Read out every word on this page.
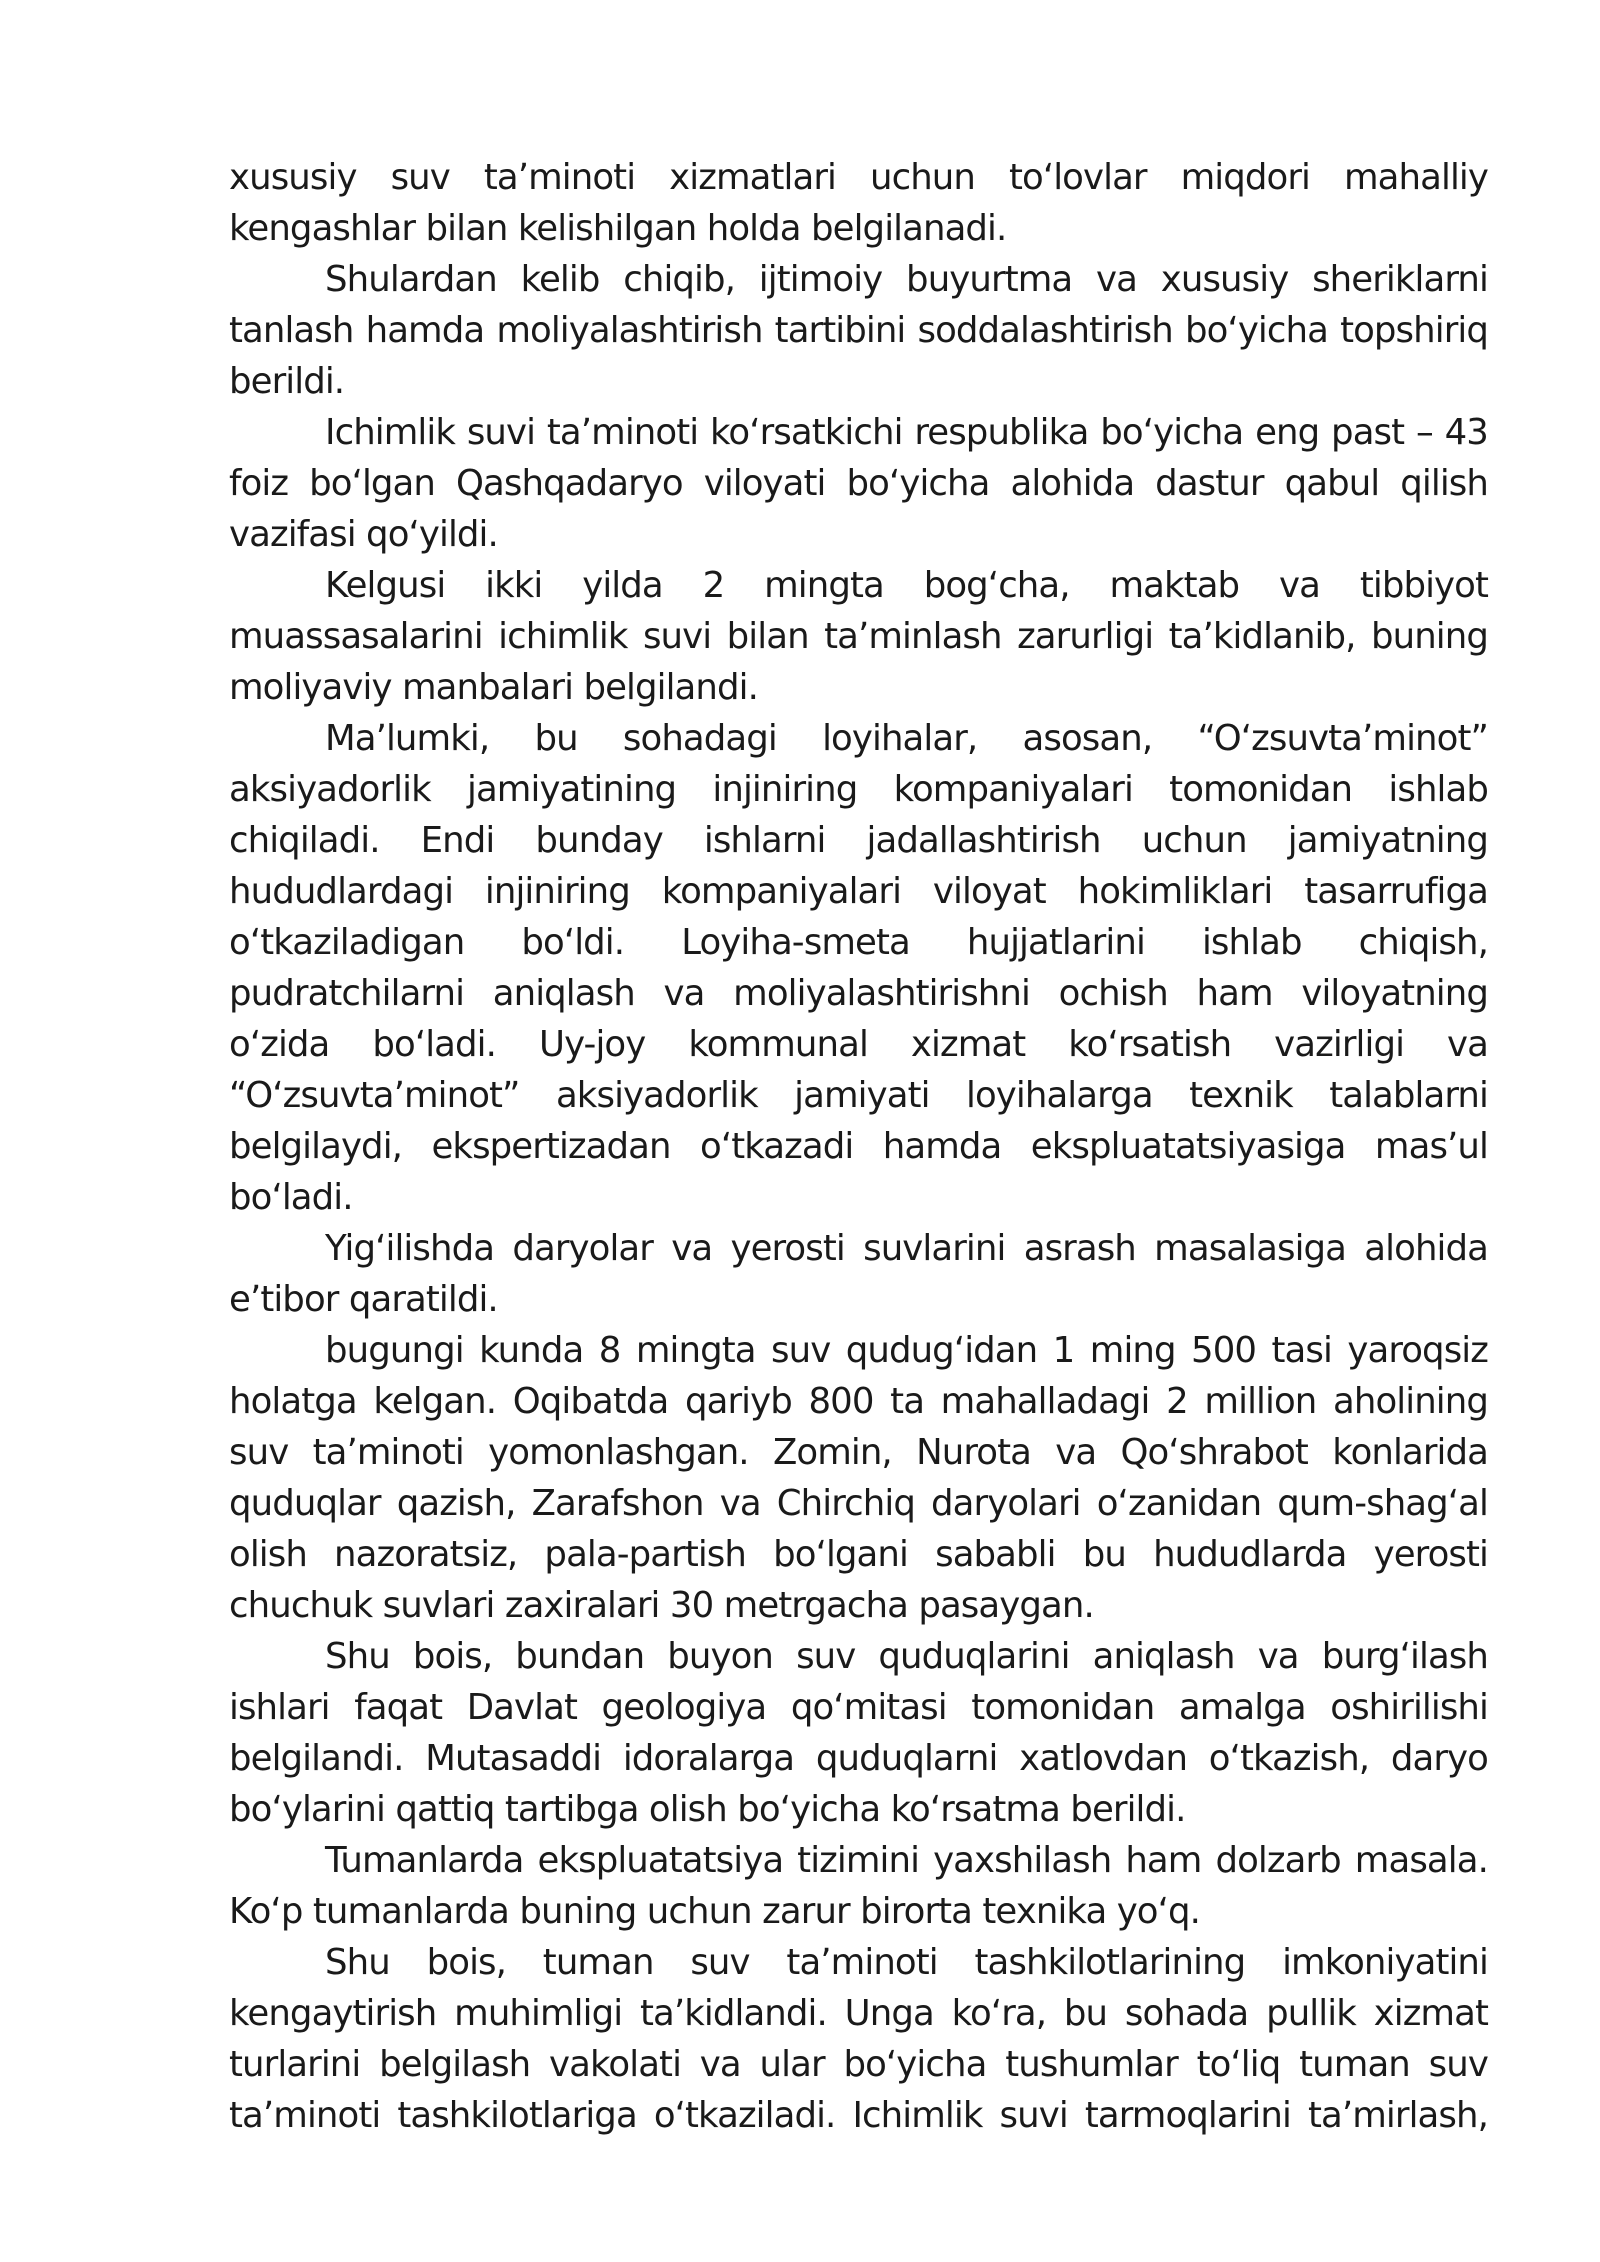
xususiy suv taʼminoti xizmatlari uchun toʻlovlar miqdori mahalliy kengashlar bilan kelishilgan holda belgilanadi.

Shulardan kelib chiqib, ijtimoiy buyurtma va xususiy sheriklarni tanlash hamda moliyalashtirish tartibini soddalashtirish boʻyicha topshiriq berildi.

Ichimlik suvi taʼminoti koʻrsatkichi respublika boʻyicha eng past – 43 foiz boʻlgan Qashqadaryo viloyati boʻyicha alohida dastur qabul qilish vazifasi qoʻyildi.

Kelgusi ikki yilda 2 mingta bogʻcha, maktab va tibbiyot muassasalarini ichimlik suvi bilan taʼminlash zarurligi taʼkidlanib, buning moliyaviy manbalari belgilandi.

Maʼlumki, bu sohadagi loyihalar, asosan, “Oʻzsuvtaʼminot” aksiyadorlik jamiyatining injiniring kompaniyalari tomonidan ishlab chiqiladi. Endi bunday ishlarni jadallashtirish uchun jamiyatning hududlardagi injiniring kompaniyalari viloyat hokimliklari tasarrufiga oʻtkaziladigan boʻldi. Loyiha-smeta hujjatlarini ishlab chiqish, pudratchilarni aniqlash va moliyalashtirishni ochish ham viloyatning oʻzida boʻladi. Uy-joy kommunal xizmat koʻrsatish vazirligi va “Oʻzsuvtaʼminot” aksiyadorlik jamiyati loyihalarga texnik talablarni belgilaydi, ekspertizadan oʻtkazadi hamda ekspluatatsiyasiga masʼul boʻladi.

Yigʻilishda daryolar va yerosti suvlarini asrash masalasiga alohida eʼtibor qaratildi.

bugungi kunda 8 mingta suv qudugʻidan 1 ming 500 tasi yaroqsiz holatga kelgan. Oqibatda qariyb 800 ta mahalladagi 2 million aholining suv taʼminoti yomonlashgan. Zomin, Nurota va Qoʻshrabot konlarida quduqlar qazish, Zarafshon va Chirchiq daryolari oʻzanidan qum-shagʻal olish nazoratsiz, pala-partish boʻlgani sababli bu hududlarda yerosti chuchuk suvlari zaxiralari 30 metrgacha pasaygan.

Shu bois, bundan buyon suv quduqlarini aniqlash va burgʻilash ishlari faqat Davlat geologiya qoʻmitasi tomonidan amalga oshirilishi belgilandi. Mutasaddi idoralarga quduqlarni xatlovdan oʻtkazish, daryo boʻylarini qattiq tartibga olish boʻyicha koʻrsatma berildi.

Tumanlarda ekspluatatsiya tizimini yaxshilash ham dolzarb masala. Koʻp tumanlarda buning uchun zarur birorta texnika yoʻq.

Shu bois, tuman suv taʼminoti tashkilotlarining imkoniyatini kengaytirish muhimligi taʼkidlandi. Unga koʻra, bu sohada pullik xizmat turlarini belgilash vakolati va ular boʻyicha tushumlar toʻliq tuman suv taʼminoti tashkilotlariga oʻtkaziladi. Ichimlik suvi tarmoqlarini taʼmirlash,
